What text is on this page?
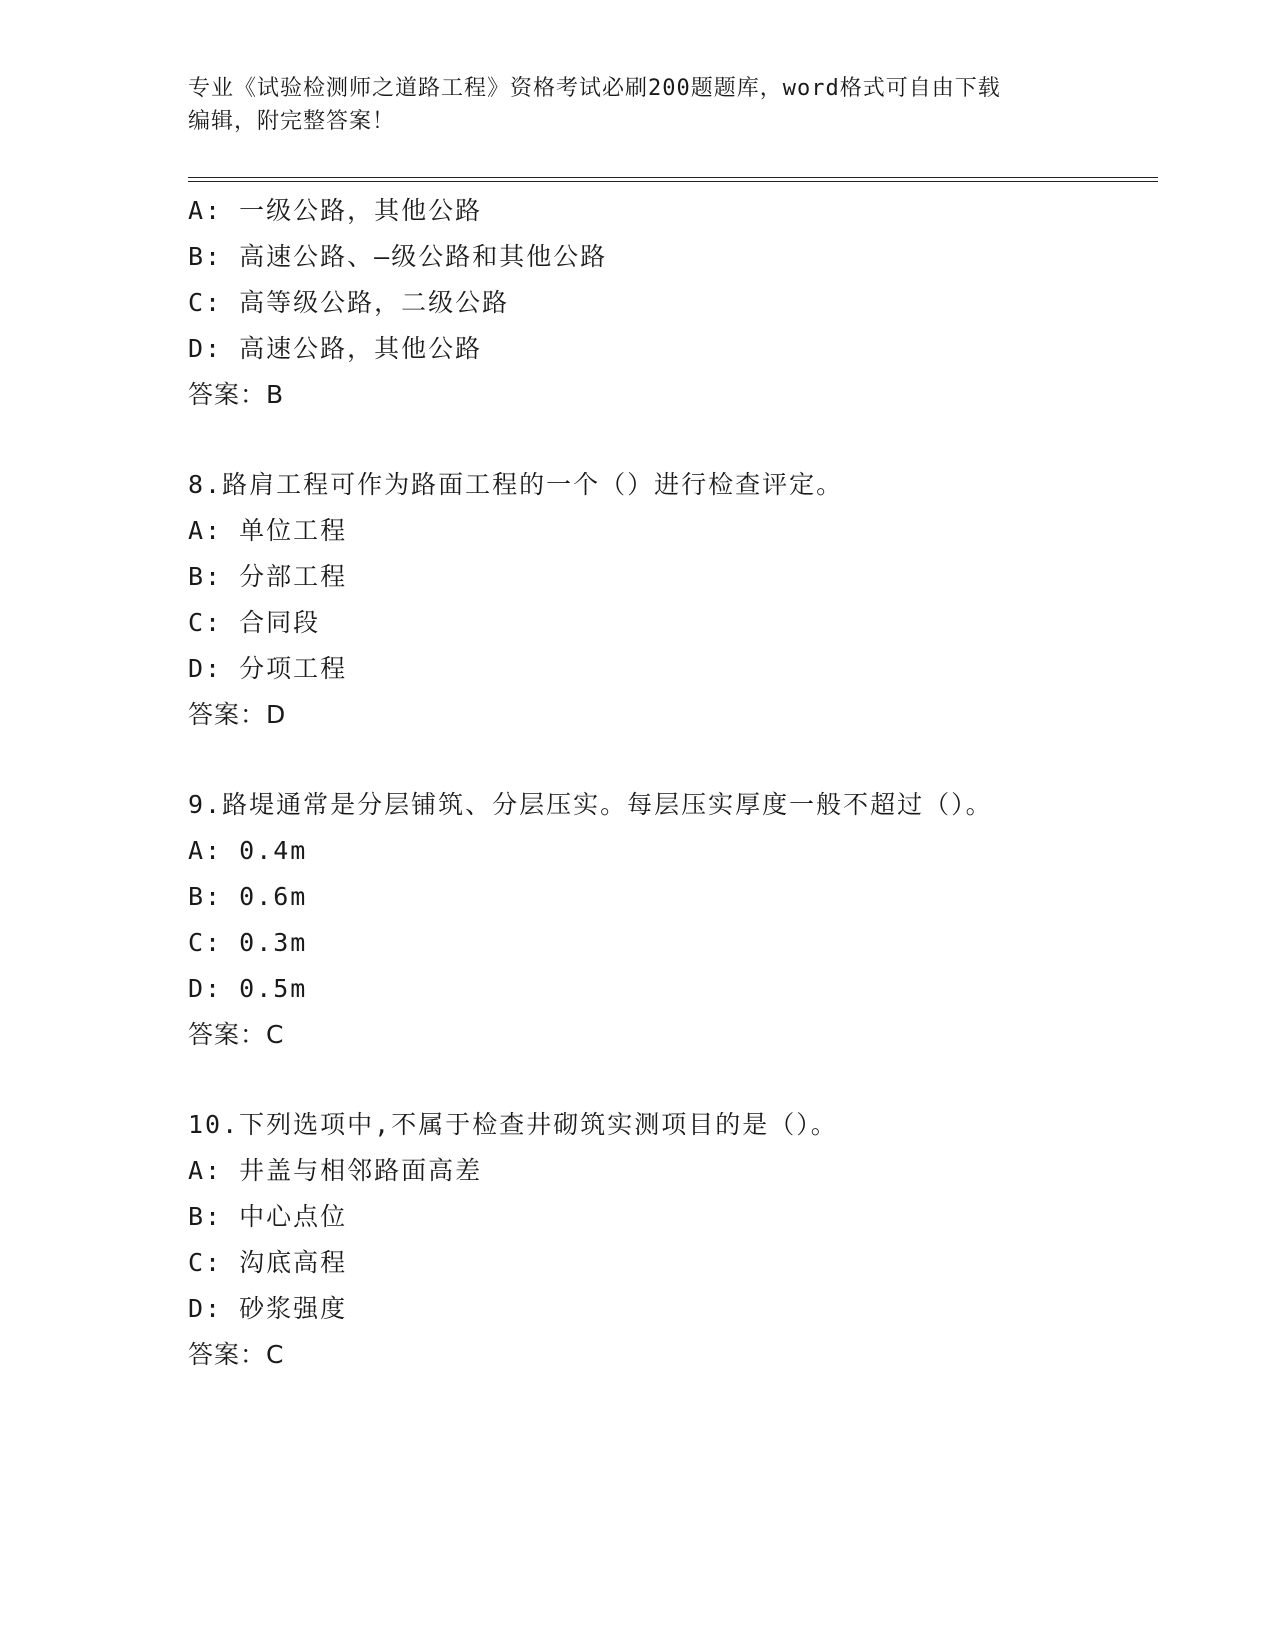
专业《试验检测师之道路工程》资格考试必刷200题题库，word格式可自由下载
编辑，附完整答案！
A: 一级公路，其他公路
B: 高速公路、—级公路和其他公路
C: 高等级公路，二级公路
D: 高速公路，其他公路
答案：B
8.路肩工程可作为路面工程的一个（）进行检查评定。
A: 单位工程
B: 分部工程
C: 合同段
D: 分项工程
答案：D
9.路堤通常是分层铺筑、分层压实。每层压实厚度一般不超过（）。
A: 0.4m
B: 0.6m
C: 0.3m
D: 0.5m
答案：C
10.下列选项中,不属于检查井砌筑实测项目的是（）。
A: 井盖与相邻路面高差
B: 中心点位
C: 沟底高程
D: 砂浆强度
答案：C
